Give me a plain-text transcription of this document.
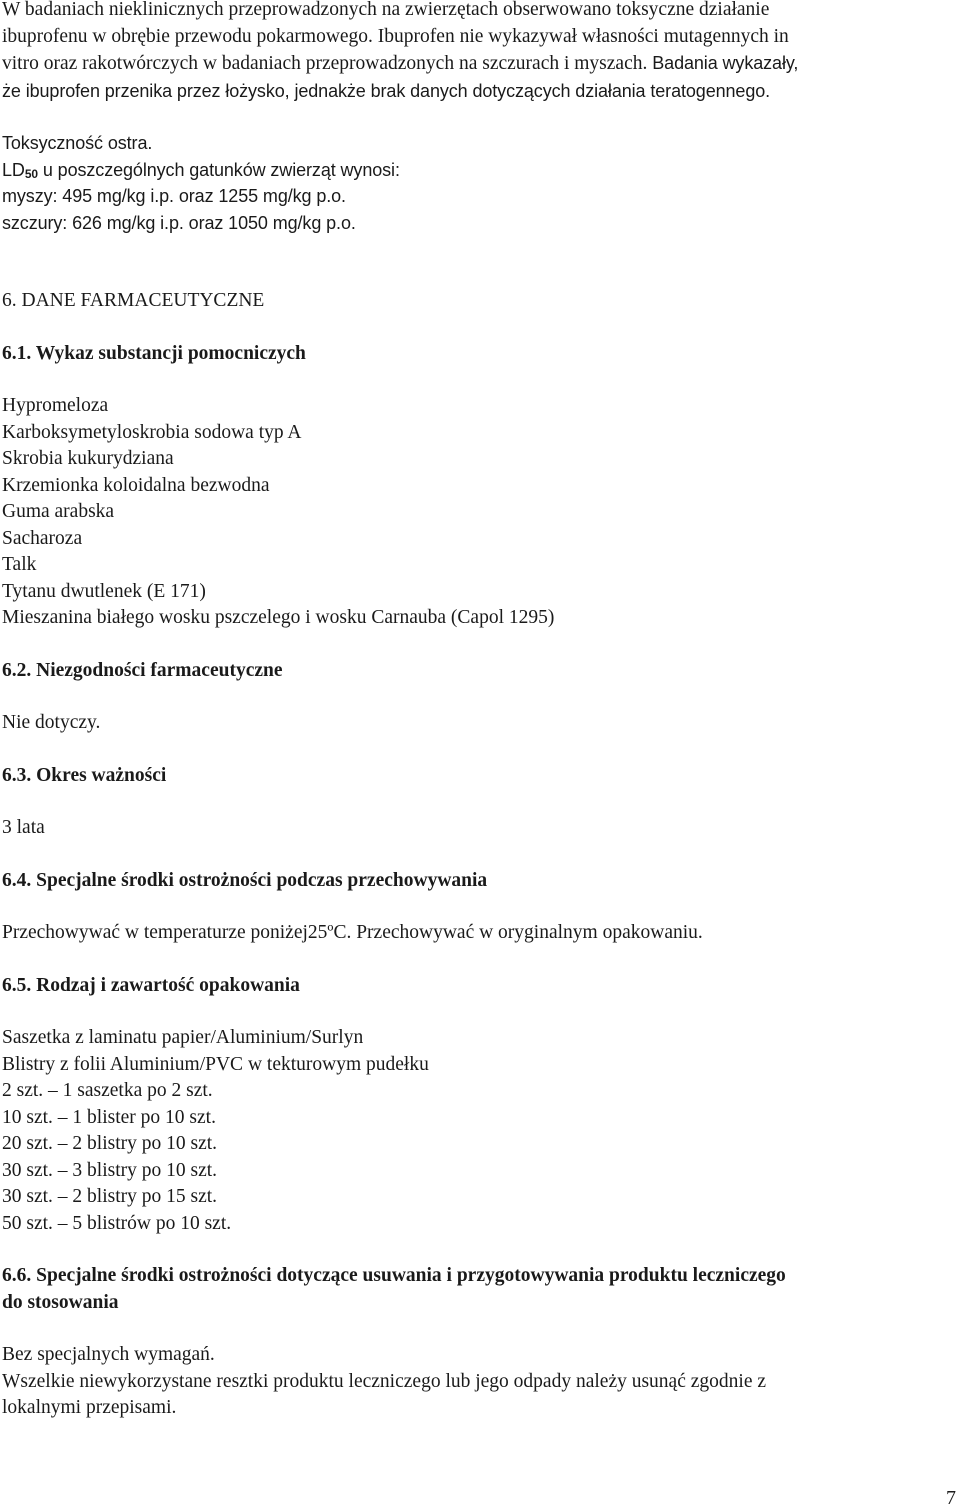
W badaniach nieklinicznych przeprowadzonych na zwierzętach obserwowano toksyczne działanie
ibuprofenu w obrębie przewodu pokarmowego. Ibuprofen nie wykazywał własności mutagennych in
vitro oraz rakotwórczych w badaniach przeprowadzonych na szczurach i myszach. Badania wykazały,
że ibuprofen przenika przez łożysko, jednakże brak danych dotyczących działania teratogennego.
Toksyczność ostra.
$LD_{50}$ u poszczególnych gatunków zwierząt wynosi:
myszy: 495 mg/kg i.p. oraz 1255 mg/kg p.o.
szczury: 626 mg/kg i.p. oraz 1050 mg/kg p.o.
6. DANE FARMACEUTYCZNE
6.1. Wykaz substancji pomocniczych
Hypromeloza
Karboksymetyloskrobia sodowa typ A
Skrobia kukurydziana
Krzemionka koloidalna bezwodna
Guma arabska
Sacharoza
Talk
Tytanu dwutlenek (E 171)
Mieszanina białego wosku pszczelego i wosku Carnauba (Capol 1295)
6.2. Niezgodności farmaceutyczne
Nie dotyczy.
6.3. Okres ważności
3 lata
6.4. Specjalne środki ostrożności podczas przechowywania
Przechowywać w temperaturze poniżej25ºC. Przechowywać w oryginalnym opakowaniu.
6.5. Rodzaj i zawartość opakowania
Saszetka z laminatu papier/Aluminium/Surlyn
Blistry z folii Aluminium/PVC w tekturowym pudełku
2 szt. – 1 saszetka po 2 szt.
10 szt. – 1 blister po 10 szt.
20 szt. – 2 blistry po 10 szt.
30 szt. – 3 blistry po 10 szt.
30 szt. – 2 blistry po 15 szt.
50 szt. – 5 blistrów po 10 szt.
6.6. Specjalne środki ostrożności dotyczące usuwania i przygotowywania produktu leczniczego
do stosowania
Bez specjalnych wymagań.
Wszelkie niewykorzystane resztki produktu leczniczego lub jego odpady należy usunąć zgodnie z
lokalnymi przepisami.
7
